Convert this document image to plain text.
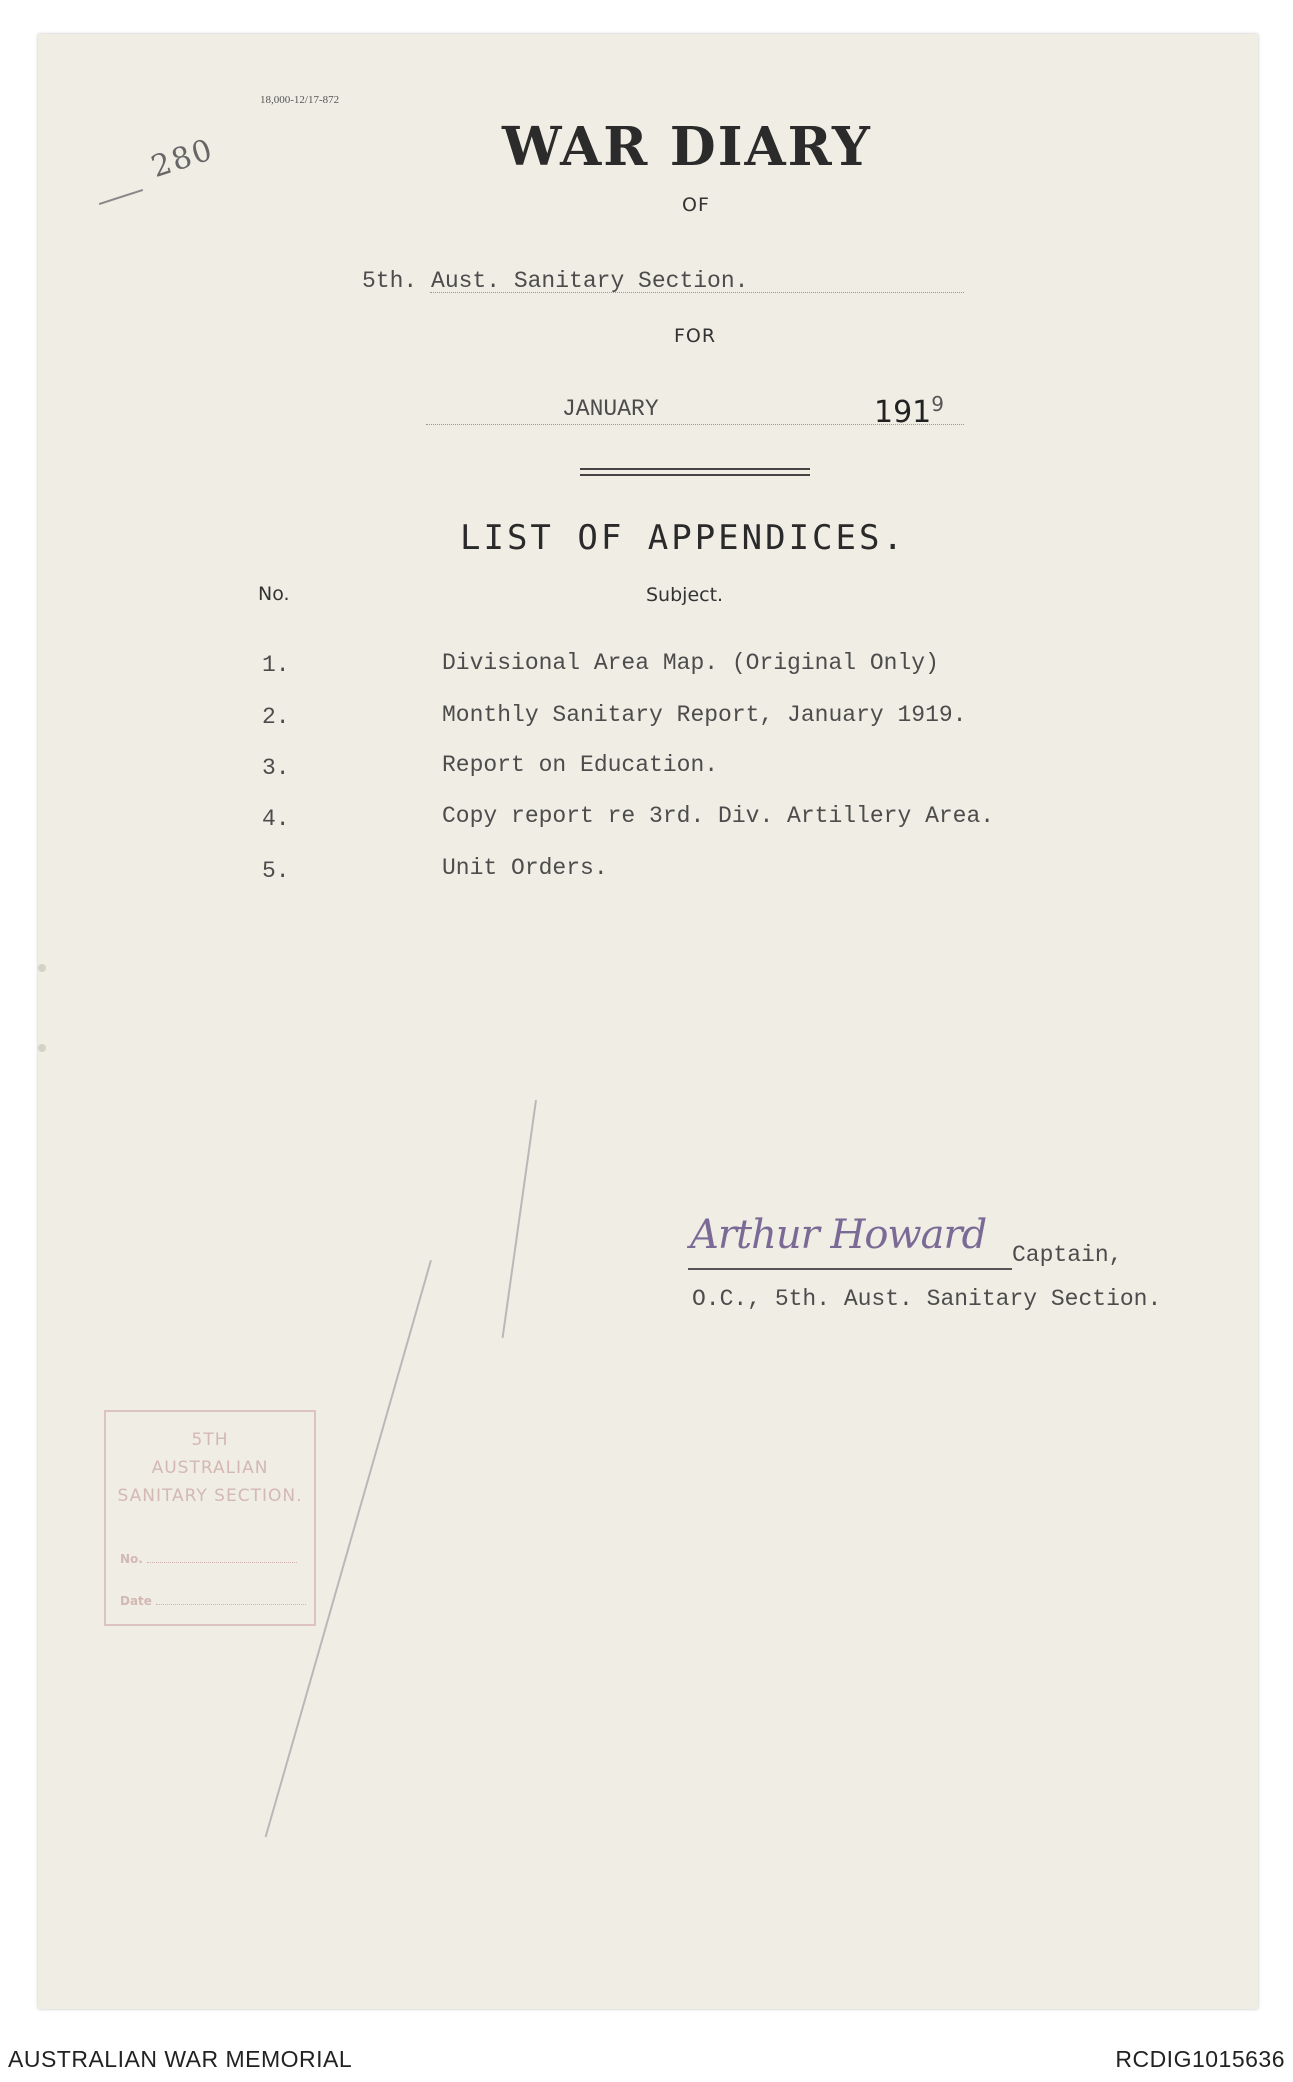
18,000-12/17-872
280	WAR DIARY
OF
5th. Aust. Sanitary Section.
FOR
JANUARY	$191^9$
LIST OF APPENDICES.
No.	Subject.
1.	Divisional Area Map. (Original Only)
2.	Monthly Sanitary Report, January 1919.
3.	Report on Education.
4.	Copy report re 3rd. Div. Artillery Area.
5.	Unit Orders.
Arthur Howard Captain,
O.C., 5th. Aust. Sanitary Section.
5TH
AUSTRALIAN
SANITARY SECTION.
No.
Date
AUSTRALIAN WAR MEMORIAL	RCDIG1015636
